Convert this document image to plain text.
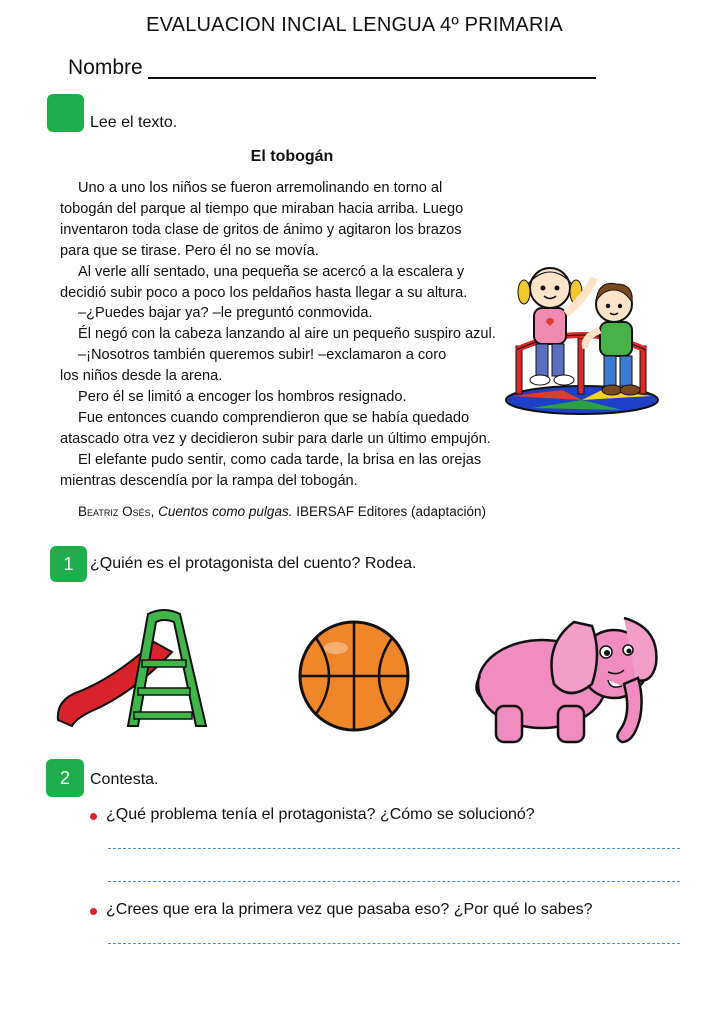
EVALUACION INCIAL LENGUA 4º PRIMARIA
Nombre
Lee el texto.
El tobogán

Uno a uno los niños se fueron arremolinando en torno al

tobogán del parque al tiempo que miraban hacia arriba. Luego

inventaron toda clase de gritos de ánimo y agitaron los brazos

para que se tirase. Pero él no se movía.

Al verle allí sentado, una pequeña se acercó a la escalera y

decidió subir poco a poco los peldaños hasta llegar a su altura.

–¿Puedes bajar ya? –le preguntó conmovida.

Él negó con la cabeza lanzando al aire un pequeño suspiro azul.

–¡Nosotros también queremos subir! –exclamaron a coro

los niños desde la arena.

Pero él se limitó a encoger los hombros resignado.

Fue entonces cuando comprendieron que se había quedado

atascado otra vez y decidieron subir para darle un último empujón.

El elefante pudo sentir, como cada tarde, la brisa en las orejas

mientras descendía por la rampa del tobogán.

Beatriz Osés, Cuentos como pulgas. IBERSAF Editores (adaptación)
1	¿Quién es el protagonista del cuento? Rodea.
2	Contesta.
¿Qué problema tenía el protagonista? ¿Cómo se solucionó?
¿Crees que era la primera vez que pasaba eso? ¿Por qué lo sabes?
